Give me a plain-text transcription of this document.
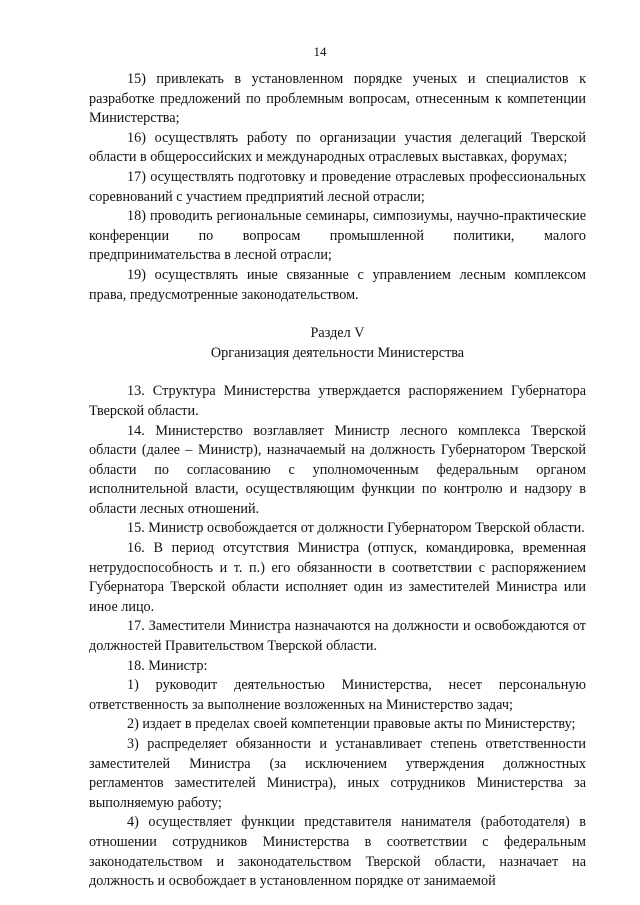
14

15) привлекать в установленном порядке ученых и специалистов к разработке предложений по проблемным вопросам, отнесенным к компетенции Министерства;

16) осуществлять работу по организации участия делегаций Тверской области в общероссийских и международных отраслевых выставках, форумах;

17) осуществлять подготовку и проведение отраслевых профессиональных соревнований с участием предприятий лесной отрасли;

18) проводить региональные семинары, симпозиумы, научно-практические конференции по вопросам промышленной политики, малого предпринимательства в лесной отрасли;

19) осуществлять иные связанные с управлением лесным комплексом права, предусмотренные законодательством.

Раздел V

Организация деятельности Министерства

13. Структура Министерства утверждается распоряжением Губернатора Тверской области.

14. Министерство возглавляет Министр лесного комплекса Тверской области (далее – Министр), назначаемый на должность Губернатором Тверской области по согласованию с уполномоченным федеральным органом исполнительной власти, осуществляющим функции по контролю и надзору в области лесных отношений.

15. Министр освобождается от должности Губернатором Тверской области.

16. В период отсутствия Министра (отпуск, командировка, временная нетрудоспособность и т. п.) его обязанности в соответствии с распоряжением Губернатора Тверской области исполняет один из заместителей Министра или иное лицо.

17. Заместители Министра назначаются на должности и освобождаются от должностей Правительством Тверской области.

18. Министр:

1) руководит деятельностью Министерства, несет персональную ответственность за выполнение возложенных на Министерство задач;

2) издает в пределах своей компетенции правовые акты по Министерству;

3) распределяет обязанности и устанавливает степень ответственности заместителей Министра (за исключением утверждения должностных регламентов заместителей Министра), иных сотрудников Министерства за выполняемую работу;

4) осуществляет функции представителя нанимателя (работодателя) в отношении сотрудников Министерства в соответствии с федеральным законодательством и законодательством Тверской области, назначает на должность и освобождает в установленном порядке от занимаемой
